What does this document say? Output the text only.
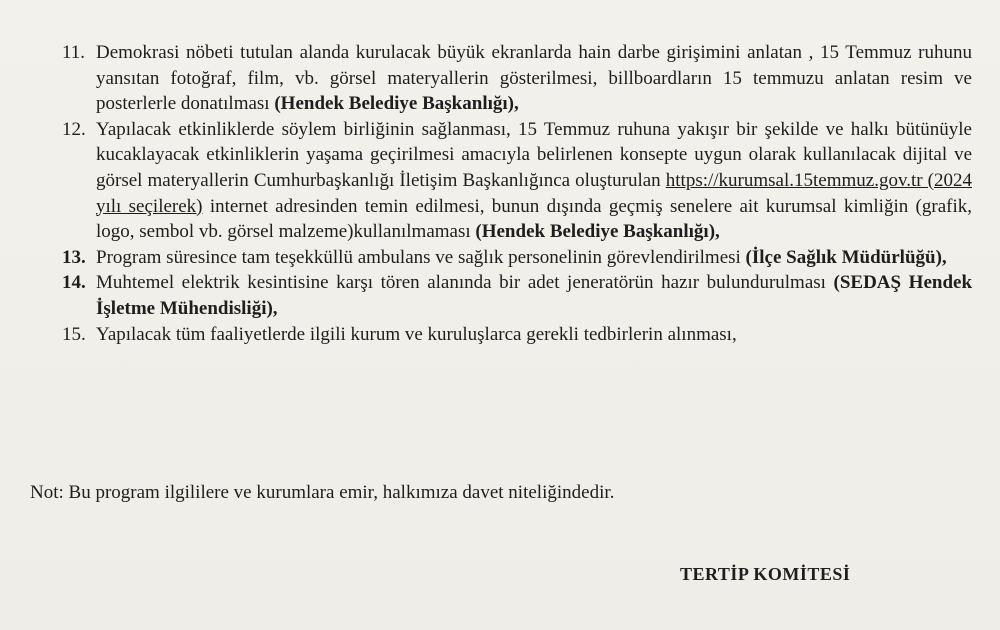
11. Demokrasi nöbeti tutulan alanda kurulacak büyük ekranlarda hain darbe girişimini anlatan , 15 Temmuz ruhunu yansıtan fotoğraf, film, vb. görsel materyallerin gösterilmesi, billboardların 15 temmuzu anlatan resim ve posterlerle donatılması (Hendek Belediye Başkanlığı),
12. Yapılacak etkinliklerde söylem birliğinin sağlanması, 15 Temmuz ruhuna yakışır bir şekilde ve halkı bütünüyle kucaklayacak etkinliklerin yaşama geçirilmesi amacıyla belirlenen konsepte uygun olarak kullanılacak dijital ve görsel materyallerin Cumhurbaşkanlığı İletişim Başkanlığınca oluşturulan https://kurumsal.15temmuz.gov.tr (2024 yılı seçilerek) internet adresinden temin edilmesi, bunun dışında geçmiş senelere ait kurumsal kimliğin (grafik, logo, sembol vb. görsel malzeme)kullanılmaması (Hendek Belediye Başkanlığı),
13. Program süresince tam teşekküllü ambulans ve sağlık personelinin görevlendirilmesi (İlçe Sağlık Müdürlüğü),
14. Muhtemel elektrik kesintisine karşı tören alanında bir adet jeneratörün hazır bulundurulması (SEDAŞ Hendek İşletme Mühendisliği),
15. Yapılacak tüm faaliyetlerde ilgili kurum ve kuruluşlarca gerekli tedbirlerin alınması,

Not: Bu program ilgililere ve kurumlara emir, halkımıza davet niteliğindedir.

TERTİP KOMİTESİ
